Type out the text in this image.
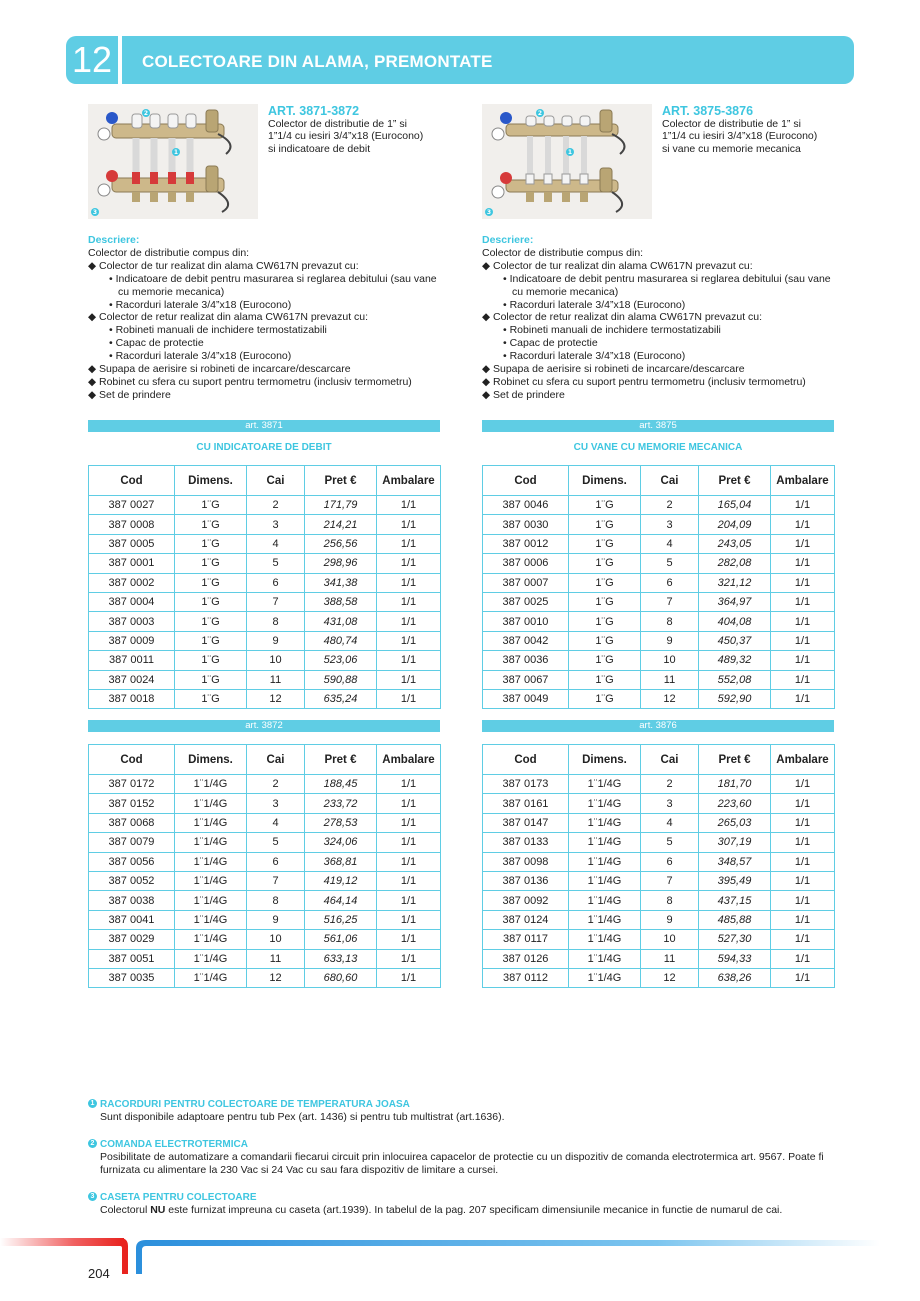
12	COLECTOARE DIN ALAMA, PREMONTATE
2
1
3
ART. 3871-3872
Colector de distributie de 1” si
1”1/4 cu iesiri 3/4”x18 (Eurocono)
si indicatoare de debit
2
1
3
ART. 3875-3876
Colector de distributie de 1” si
1”1/4 cu iesiri 3/4”x18 (Eurocono)
si vane cu memorie mecanica
Descriere:
Colector de distributie compus din:
◆ Colector de tur realizat din alama CW617N prevazut cu:
• Indicatoare de debit pentru masurarea si reglarea debitului (sau vane cu memorie mecanica)
• Racorduri laterale 3/4”x18 (Eurocono)
◆ Colector de retur realizat din alama CW617N prevazut cu:
• Robineti manuali de inchidere termostatizabili
• Capac de protectie
• Racorduri laterale 3/4”x18 (Eurocono)
◆ Supapa de aerisire si robineti de incarcare/descarcare
◆ Robinet cu sfera cu suport pentru termometru (inclusiv termometru)
◆ Set de prindere
Descriere:
Colector de distributie compus din:
◆ Colector de tur realizat din alama CW617N prevazut cu:
• Indicatoare de debit pentru masurarea si reglarea debitului (sau vane cu memorie mecanica)
• Racorduri laterale 3/4”x18 (Eurocono)
◆ Colector de retur realizat din alama CW617N prevazut cu:
• Robineti manuali de inchidere termostatizabili
• Capac de protectie
• Racorduri laterale 3/4”x18 (Eurocono)
◆ Supapa de aerisire si robineti de incarcare/descarcare
◆ Robinet cu sfera cu suport pentru termometru (inclusiv termometru)
◆ Set de prindere
art. 3871
CU INDICATOARE DE DEBIT
art. 3875
CU VANE CU MEMORIE MECANICA
art. 3872	art. 3876
Cod	Dimens.	Cai	Pret €	Ambalare
387 0027	1¨G	2	171,79	1/1
387 0008	1¨G	3	214,21	1/1
387 0005	1¨G	4	256,56	1/1
387 0001	1¨G	5	298,96	1/1
387 0002	1¨G	6	341,38	1/1
387 0004	1¨G	7	388,58	1/1
387 0003	1¨G	8	431,08	1/1
387 0009	1¨G	9	480,74	1/1
387 0011	1¨G	10	523,06	1/1
387 0024	1¨G	11	590,88	1/1
387 0018	1¨G	12	635,24	1/1
Cod	Dimens.	Cai	Pret €	Ambalare
387 0046	1¨G	2	165,04	1/1
387 0030	1¨G	3	204,09	1/1
387 0012	1¨G	4	243,05	1/1
387 0006	1¨G	5	282,08	1/1
387 0007	1¨G	6	321,12	1/1
387 0025	1¨G	7	364,97	1/1
387 0010	1¨G	8	404,08	1/1
387 0042	1¨G	9	450,37	1/1
387 0036	1¨G	10	489,32	1/1
387 0067	1¨G	11	552,08	1/1
387 0049	1¨G	12	592,90	1/1
Cod	Dimens.	Cai	Pret €	Ambalare
387 0172	1¨1/4G	2	188,45	1/1
387 0152	1¨1/4G	3	233,72	1/1
387 0068	1¨1/4G	4	278,53	1/1
387 0079	1¨1/4G	5	324,06	1/1
387 0056	1¨1/4G	6	368,81	1/1
387 0052	1¨1/4G	7	419,12	1/1
387 0038	1¨1/4G	8	464,14	1/1
387 0041	1¨1/4G	9	516,25	1/1
387 0029	1¨1/4G	10	561,06	1/1
387 0051	1¨1/4G	11	633,13	1/1
387 0035	1¨1/4G	12	680,60	1/1
Cod	Dimens.	Cai	Pret €	Ambalare
387 0173	1¨1/4G	2	181,70	1/1
387 0161	1¨1/4G	3	223,60	1/1
387 0147	1¨1/4G	4	265,03	1/1
387 0133	1¨1/4G	5	307,19	1/1
387 0098	1¨1/4G	6	348,57	1/1
387 0136	1¨1/4G	7	395,49	1/1
387 0092	1¨1/4G	8	437,15	1/1
387 0124	1¨1/4G	9	485,88	1/1
387 0117	1¨1/4G	10	527,30	1/1
387 0126	1¨1/4G	11	594,33	1/1
387 0112	1¨1/4G	12	638,26	1/1
1 RACORDURI PENTRU COLECTOARE DE TEMPERATURA JOASA
Sunt disponibile adaptoare pentru tub Pex (art. 1436) si pentru tub multistrat (art.1636).
2 COMANDA ELECTROTERMICA
Posibilitate de automatizare a comandarii fiecarui circuit prin inlocuirea capacelor de protectie cu un dispozitiv de comanda electrotermica art. 9567. Poate fi furnizata cu alimentare la 230 Vac si 24 Vac cu sau fara dispozitiv de limitare a cursei.
3 CASETA PENTRU COLECTOARE
Colectorul NU este furnizat impreuna cu caseta (art.1939). In tabelul de la pag. 207 specificam dimensiunile mecanice in functie de numarul de cai.
204
